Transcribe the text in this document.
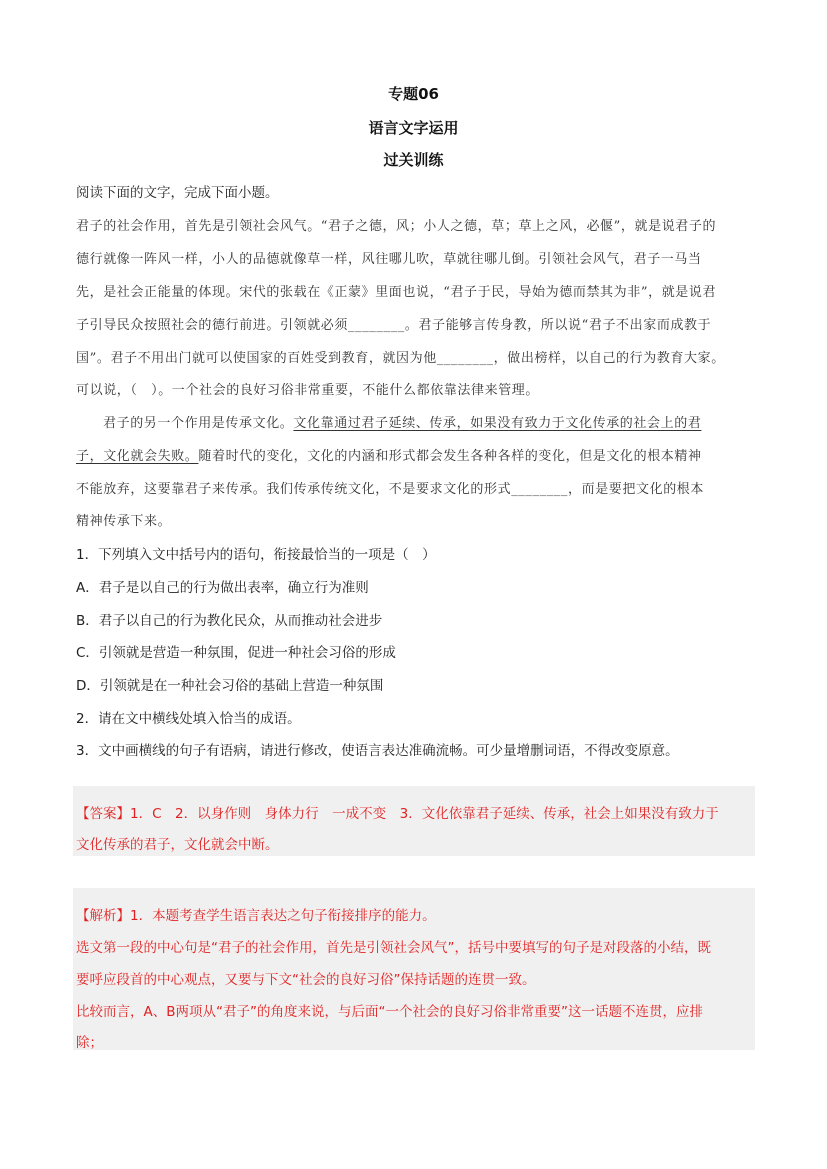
专题06
语言文字运用
过关训练
阅读下面的文字，完成下面小题。
君子的社会作用，首先是引领社会风气。“君子之德，风；小人之德，草；草上之风，必偃”，就是说君子的
德行就像一阵风一样，小人的品德就像草一样，风往哪儿吹，草就往哪儿倒。引领社会风气，君子一马当
先，是社会正能量的体现。宋代的张载在《正蒙》里面也说，“君子于民，导始为德而禁其为非”，就是说君
子引导民众按照社会的德行前进。引领就必须________。君子能够言传身教，所以说“君子不出家而成教于
国”。君子不用出门就可以使国家的百姓受到教育，就因为他________，做出榜样，以自己的行为教育大家。
可以说，（　）。一个社会的良好习俗非常重要，不能什么都依靠法律来管理。
君子的另一个作用是传承文化。文化靠通过君子延续、传承，如果没有致力于文化传承的社会上的君
子，文化就会失败。随着时代的变化，文化的内涵和形式都会发生各种各样的变化，但是文化的根本精神
不能放弃，这要靠君子来传承。我们传承传统文化，不是要求文化的形式________，而是要把文化的根本
精神传承下来。
1．下列填入文中括号内的语句，衔接最恰当的一项是（　）
A．君子是以自己的行为做出表率，确立行为准则
B．君子以自己的行为教化民众，从而推动社会进步
C．引领就是营造一种氛围，促进一种社会习俗的形成
D．引领就是在一种社会习俗的基础上营造一种氛围
2．请在文中横线处填入恰当的成语。
3．文中画横线的句子有语病，请进行修改，使语言表达准确流畅。可少量增删词语，不得改变原意。
【答案】1．C　2．以身作则　身体力行　一成不变　3．文化依靠君子延续、传承，社会上如果没有致力于
文化传承的君子，文化就会中断。
【解析】1．本题考查学生语言表达之句子衔接排序的能力。
选文第一段的中心句是“君子的社会作用，首先是引领社会风气”，括号中要填写的句子是对段落的小结，既
要呼应段首的中心观点，又要与下文“社会的良好习俗”保持话题的连贯一致。
比较而言，A、B两项从“君子”的角度来说，与后面“一个社会的良好习俗非常重要”这一话题不连贯，应排
除；
